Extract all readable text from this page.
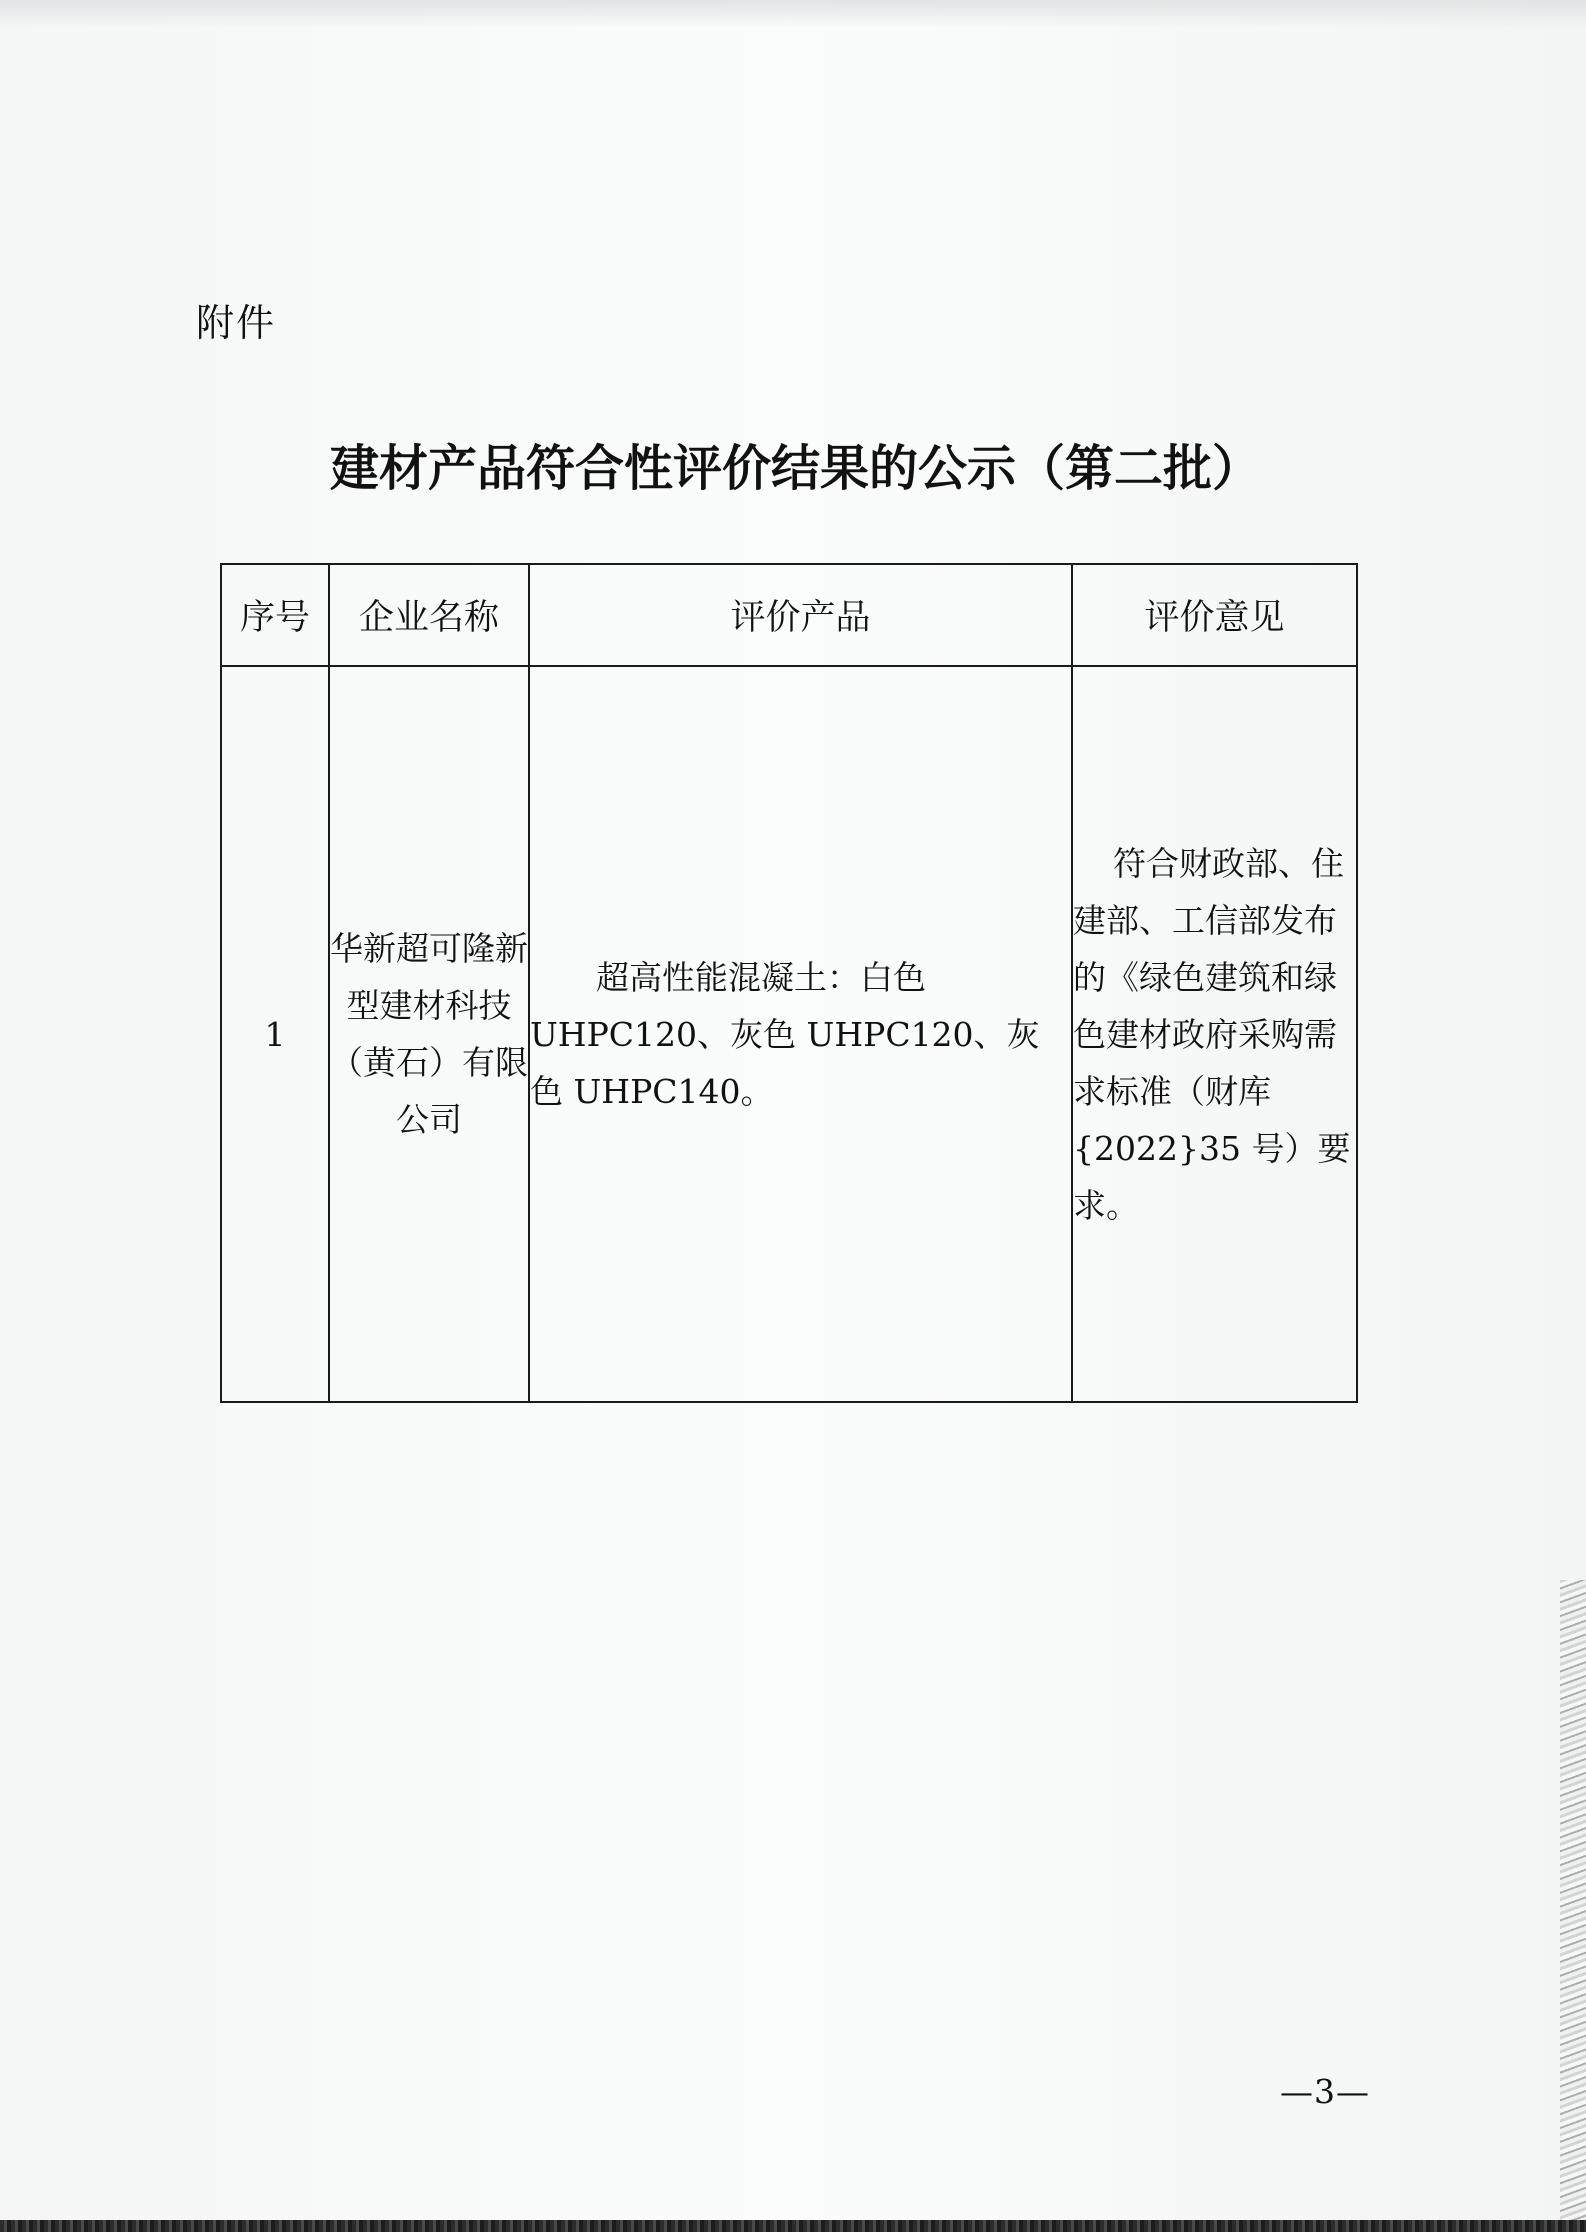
附件
建材产品符合性评价结果的公示（第二批）
序号	企业名称	评价产品	评价意见
1	华新超可隆新型建材科技（黄石）有限公司	超高性能混凝土：白色 UHPC120、灰色 UHPC120、灰色 UHPC140。	符合财政部、住建部、工信部发布的《绿色建筑和绿色建材政府采购需求标准（财库{2022}35 号）要求。
—3—
